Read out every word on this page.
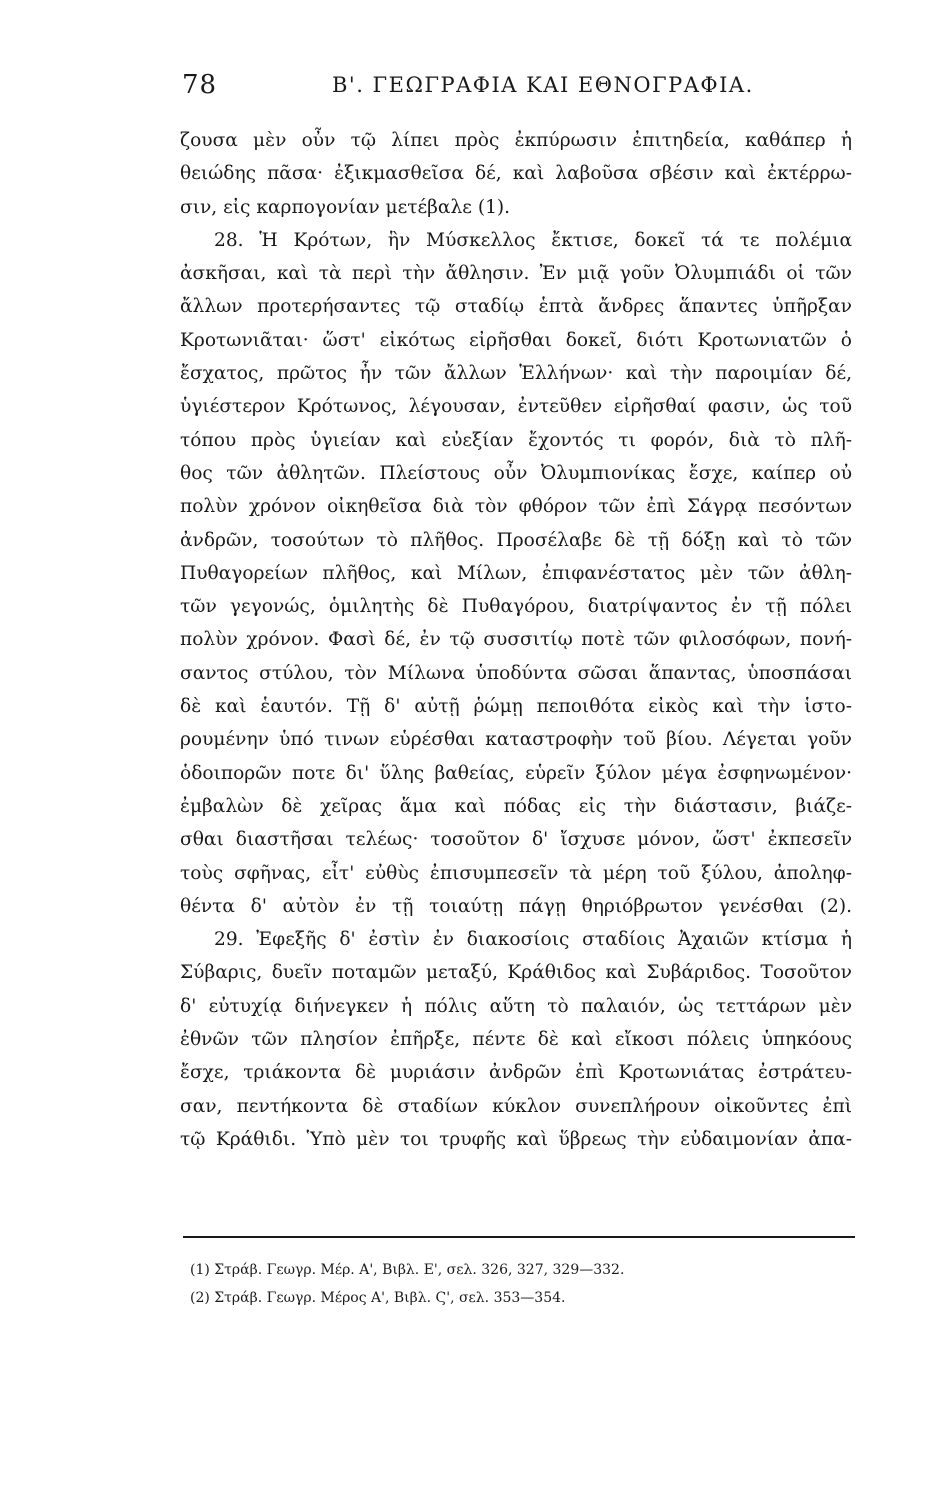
78	Β'. ΓΕΩΓΡΑΦΙΑ ΚΑΙ ΕΘΝΟΓΡΑΦΙΑ.
ζουσα μὲν οὖν τῷ λίπει πρὸς ἐκπύρωσιν ἐπιτηδεία, καθάπερ ἡ
θειώδης πᾶσα· ἐξικμασθεῖσα δέ, καὶ λαβοῦσα σβέσιν καὶ ἐκτέρρω-
σιν, εἰς καρπογονίαν μετέβαλε (1).
28. Ἡ Κρότων, ἣν Μύσκελλος ἔκτισε, δοκεῖ τά τε πολέμια
ἀσκῆσαι, καὶ τὰ περὶ τὴν ἄθλησιν. Ἐν μιᾷ γοῦν Ὀλυμπιάδι οἱ τῶν
ἄλλων προτερήσαντες τῷ σταδίῳ ἑπτὰ ἄνδρες ἅπαντες ὑπῆρξαν
Κροτωνιᾶται· ὥστ' εἰκότως εἰρῆσθαι δοκεῖ, διότι Κροτωνιατῶν ὁ
ἔσχατος, πρῶτος ἦν τῶν ἄλλων Ἑλλήνων· καὶ τὴν παροιμίαν δέ,
ὑγιέστερον Κρότωνος, λέγουσαν, ἐντεῦθεν εἰρῆσθαί φασιν, ὡς τοῦ
τόπου πρὸς ὑγιείαν καὶ εὐεξίαν ἔχοντός τι φορόν, διὰ τὸ πλῆ-
θος τῶν ἀθλητῶν. Πλείστους οὖν Ὀλυμπιονίκας ἔσχε, καίπερ οὐ
πολὺν χρόνον οἰκηθεῖσα διὰ τὸν φθόρον τῶν ἐπὶ Σάγρᾳ πεσόντων
ἀνδρῶν, τοσούτων τὸ πλῆθος. Προσέλαβε δὲ τῇ δόξῃ καὶ τὸ τῶν
Πυθαγορείων πλῆθος, καὶ Μίλων, ἐπιφανέστατος μὲν τῶν ἀθλη-
τῶν γεγονώς, ὁμιλητὴς δὲ Πυθαγόρου, διατρίψαντος ἐν τῇ πόλει
πολὺν χρόνον. Φασὶ δέ, ἐν τῷ συσσιτίῳ ποτὲ τῶν φιλοσόφων, πονή-
σαντος στύλου, τὸν Μίλωνα ὑποδύντα σῶσαι ἅπαντας, ὑποσπάσαι
δὲ καὶ ἑαυτόν. Τῇ δ' αὐτῇ ῥώμῃ πεποιθότα εἰκὸς καὶ τὴν ἱστο-
ρουμένην ὑπό τινων εὑρέσθαι καταστροφὴν τοῦ βίου. Λέγεται γοῦν
ὁδοιπορῶν ποτε δι' ὕλης βαθείας, εὑρεῖν ξύλον μέγα ἐσφηνωμένον·
ἐμβαλὼν δὲ χεῖρας ἅμα καὶ πόδας εἰς τὴν διάστασιν, βιάζε-
σθαι διαστῆσαι τελέως· τοσοῦτον δ' ἴσχυσε μόνον, ὥστ' ἐκπεσεῖν
τοὺς σφῆνας, εἶτ' εὐθὺς ἐπισυμπεσεῖν τὰ μέρη τοῦ ξύλου, ἀποληφ-
θέντα δ' αὐτὸν ἐν τῇ τοιαύτῃ πάγῃ θηριόβρωτον γενέσθαι (2).
29. Ἐφεξῆς δ' ἐστὶν ἐν διακοσίοις σταδίοις Ἀχαιῶν κτίσμα ἡ
Σύβαρις, δυεῖν ποταμῶν μεταξύ, Κράθιδος καὶ Συβάριδος. Τοσοῦτον
δ' εὐτυχίᾳ διήνεγκεν ἡ πόλις αὕτη τὸ παλαιόν, ὡς τεττάρων μὲν
ἐθνῶν τῶν πλησίον ἐπῆρξε, πέντε δὲ καὶ εἴκοσι πόλεις ὑπηκόους
ἔσχε, τριάκοντα δὲ μυριάσιν ἀνδρῶν ἐπὶ Κροτωνιάτας ἐστράτευ-
σαν, πεντήκοντα δὲ σταδίων κύκλον συνεπλήρουν οἰκοῦντες ἐπὶ
τῷ Κράθιδι. Ὑπὸ μὲν τοι τρυφῆς καὶ ὕβρεως τὴν εὐδαιμονίαν ἀπα-
(1) Στράβ. Γεωγρ. Μέρ. Α', Βιβλ. Ε', σελ. 326, 327, 329—332.
(2) Στράβ. Γεωγρ. Μέρος Α', Βιβλ. Ϛ', σελ. 353—354.
